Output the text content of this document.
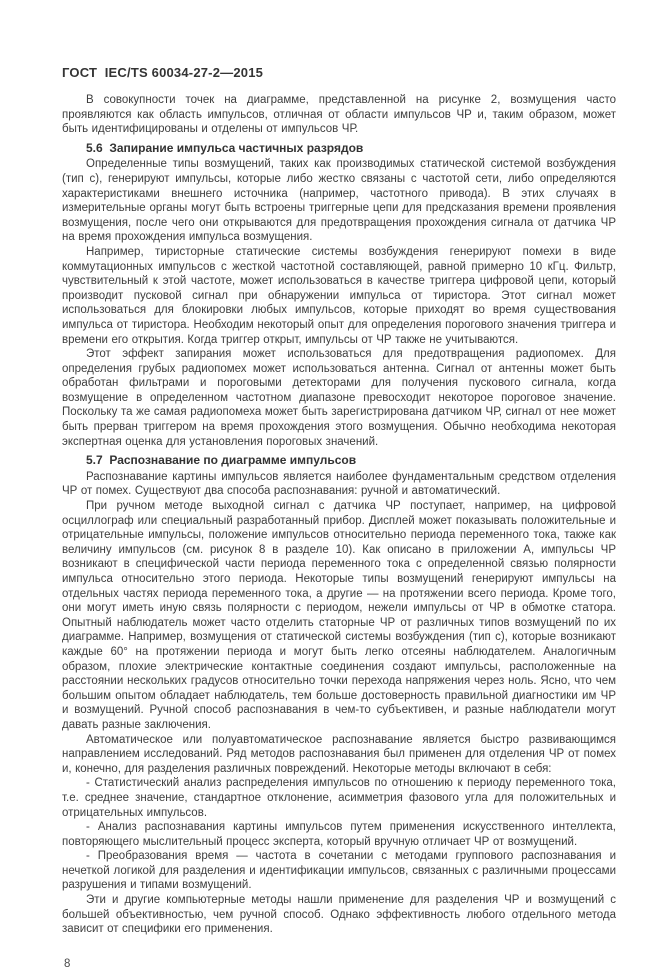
ГОСТ  IEC/TS 60034-27-2—2015

В совокупности точек на диаграмме, представленной на рисунке 2, возмущения часто проявляются как область импульсов, отличная от области импульсов ЧР и, таким образом, может быть идентифицированы и отделены от импульсов ЧР.

5.6  Запирание импульса частичных разрядов

Определенные типы возмущений, таких как производимых статической системой возбуждения (тип с), генерируют импульсы, которые либо жестко связаны с частотой сети, либо определяются характеристиками внешнего источника (например, частотного привода). В этих случаях в измерительные органы могут быть встроены триггерные цепи для предсказания времени проявления возмущения, после чего они открываются для предотвращения прохождения сигнала от датчика ЧР на время прохождения импульса возмущения.

Например, тиристорные статические системы возбуждения генерируют помехи в виде коммутационных импульсов с жесткой частотной составляющей, равной примерно 10 кГц. Фильтр, чувствительный к этой частоте, может использоваться в качестве триггера цифровой цепи, который производит пусковой сигнал при обнаружении импульса от тиристора. Этот сигнал может использоваться для блокировки любых импульсов, которые приходят во время существования импульса от тиристора. Необходим некоторый опыт для определения порогового значения триггера и времени его открытия. Когда триггер открыт, импульсы от ЧР также не учитываются.

Этот эффект запирания может использоваться для предотвращения радиопомех. Для определения грубых радиопомех может использоваться антенна. Сигнал от антенны может быть обработан фильтрами и пороговыми детекторами для получения пускового сигнала, когда возмущение в определенном частотном диапазоне превосходит некоторое пороговое значение. Поскольку та же самая радиопомеха может быть зарегистрирована датчиком ЧР, сигнал от нее может быть прерван триггером на время прохождения этого возмущения. Обычно необходима некоторая экспертная оценка для установления пороговых значений.

5.7  Распознавание по диаграмме импульсов

Распознавание картины импульсов является наиболее фундаментальным средством отделения ЧР от помех. Существуют два способа распознавания: ручной и автоматический.

При ручном методе выходной сигнал с датчика ЧР поступает, например, на цифровой осциллограф или специальный разработанный прибор. Дисплей может показывать положительные и отрицательные импульсы, положение импульсов относительно периода переменного тока, также как величину импульсов (см. рисунок 8 в разделе 10). Как описано в приложении А, импульсы ЧР возникают в специфической части периода переменного тока с определенной связью полярности импульса относительно этого периода. Некоторые типы возмущений генерируют импульсы на отдельных частях периода переменного тока, а другие — на протяжении всего периода. Кроме того, они могут иметь иную связь полярности с периодом, нежели импульсы от ЧР в обмотке статора. Опытный наблюдатель может часто отделить статорные ЧР от различных типов возмущений по их диаграмме. Например, возмущения от статической системы возбуждения (тип с), которые возникают каждые 60° на протяжении периода и могут быть легко отсеяны наблюдателем. Аналогичным образом, плохие электрические контактные соединения создают импульсы, расположенные на расстоянии нескольких градусов относительно точки перехода напряжения через ноль. Ясно, что чем большим опытом обладает наблюдатель, тем больше достоверность правильной диагностики им ЧР и возмущений. Ручной способ распознавания в чем-то субъективен, и разные наблюдатели могут давать разные заключения.

Автоматическое или полуавтоматическое распознавание является быстро развивающимся направлением исследований. Ряд методов распознавания был применен для отделения ЧР от помех и, конечно, для разделения различных повреждений. Некоторые методы включают в себя:

- Статистический анализ распределения импульсов по отношению к периоду переменного тока, т.е. среднее значение, стандартное отклонение, асимметрия фазового угла для положительных и отрицательных импульсов.

- Анализ распознавания картины импульсов путем применения искусственного интеллекта, повторяющего мыслительный процесс эксперта, который вручную отличает ЧР от возмущений.

- Преобразования время — частота в сочетании с методами группового распознавания и нечеткой логикой для разделения и идентификации импульсов, связанных с различными процессами разрушения и типами возмущений.

Эти и другие компьютерные методы нашли применение для разделения ЧР и возмущений с большей объективностью, чем ручной способ. Однако эффективность любого отдельного метода зависит от специфики его применения.

8
